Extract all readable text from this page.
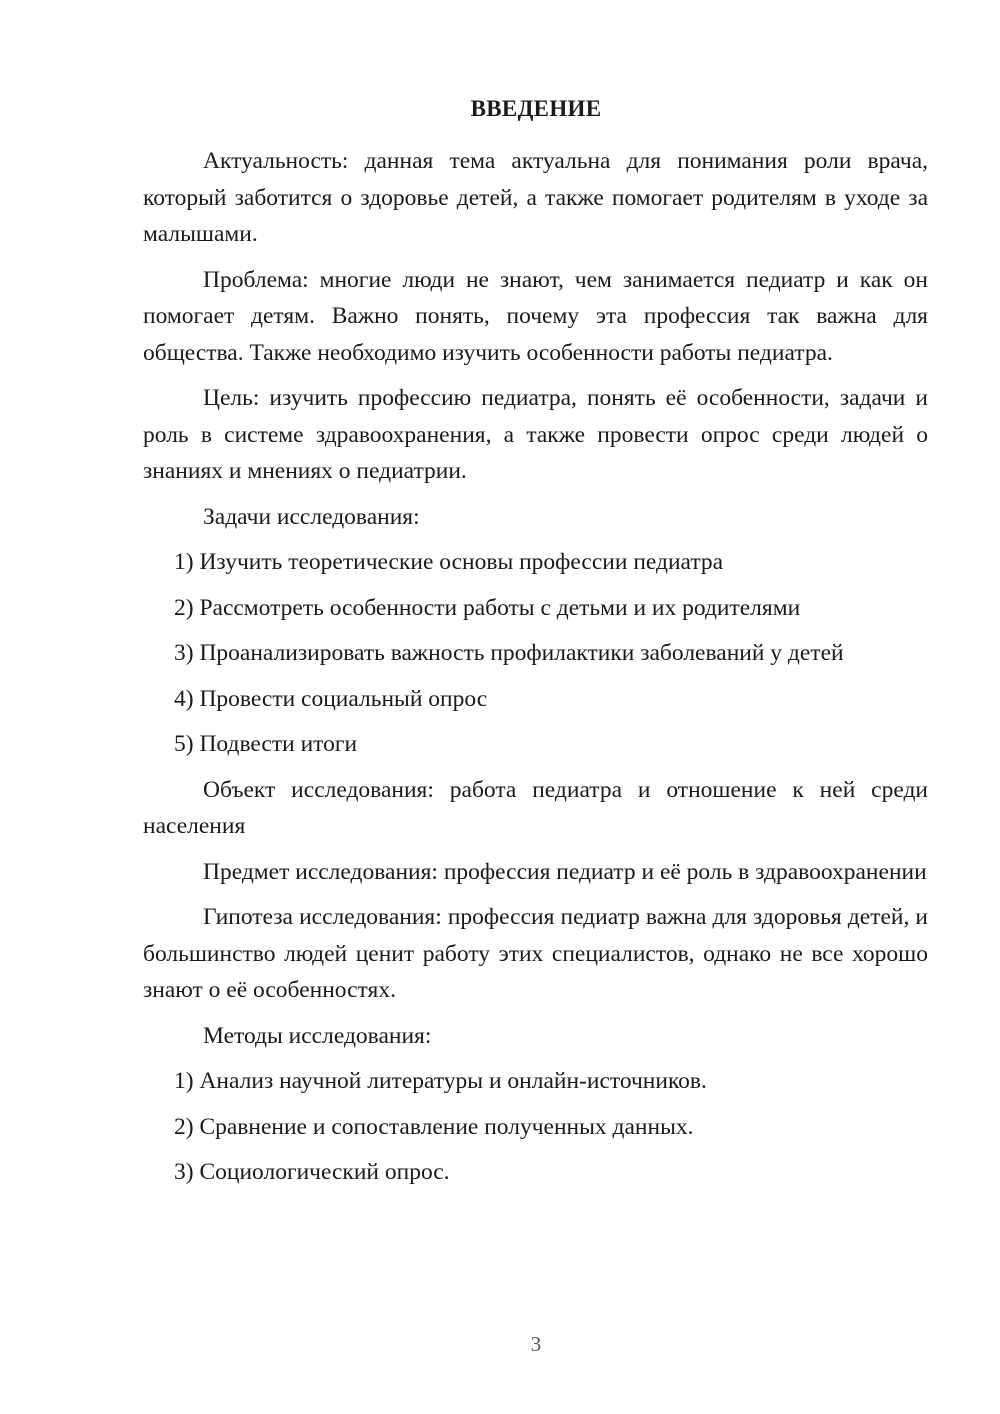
ВВЕДЕНИЕ

Актуальность: данная тема актуальна для понимания роли врача, который заботится о здоровье детей, а также помогает родителям в уходе за малышами.

Проблема: многие люди не знают, чем занимается педиатр и как он помогает детям. Важно понять, почему эта профессия так важна для общества. Также необходимо изучить особенности работы педиатра.

Цель: изучить профессию педиатра, понять её особенности, задачи и роль в системе здравоохранения, а также провести опрос среди людей о знаниях и мнениях о педиатрии.

Задачи исследования:

1) Изучить теоретические основы профессии педиатра

2) Рассмотреть особенности работы с детьми и их родителями

3) Проанализировать важность профилактики заболеваний у детей

4) Провести социальный опрос

5) Подвести итоги

Объект исследования: работа педиатра и отношение к ней среди населения

Предмет исследования: профессия педиатр и её роль в здравоохранении

Гипотеза исследования: профессия педиатр важна для здоровья детей, и большинство людей ценит работу этих специалистов, однако не все хорошо знают о её особенностях.

Методы исследования:

1) Анализ научной литературы и онлайн-источников.

2) Сравнение и сопоставление полученных данных.

3) Социологический опрос.

3
